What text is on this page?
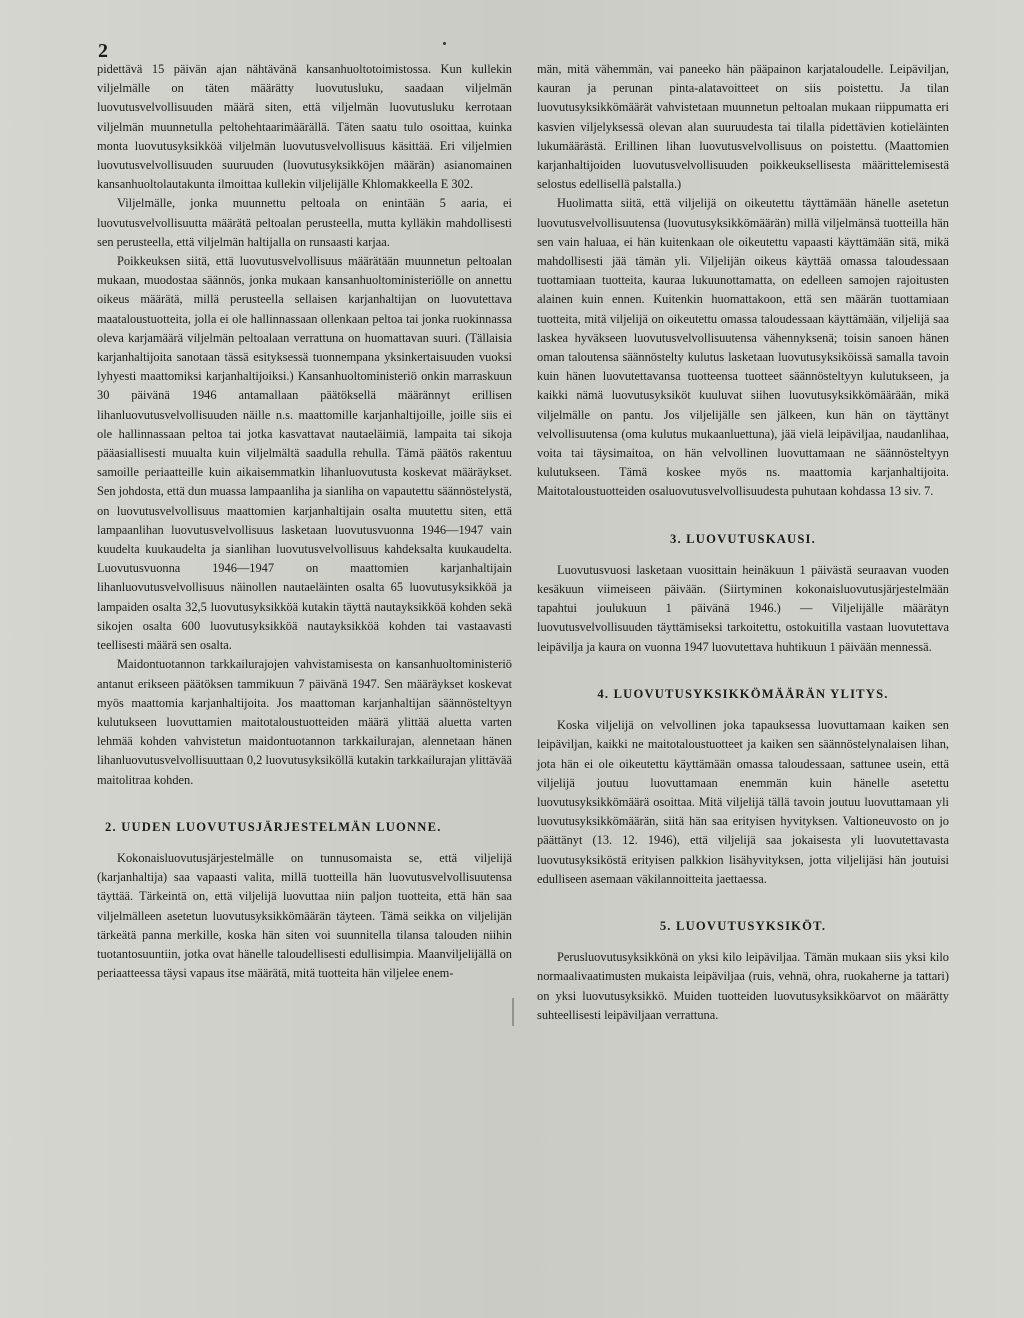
2

pidettävä 15 päivän ajan nähtävänä kansanhuoltotoimistossa. Kun kullekin viljelmälle on täten määrätty luovutusluku, saadaan viljelmän luovutusvelvollisuuden määrä siten, että viljelmän luovutusluku kerrotaan viljelmän muunnetulla peltohehtaarimäärällä. Täten saatu tulo osoittaa, kuinka monta luovutusyksikköä viljelmän luovutusvelvollisuus käsittää. Eri viljelmien luovutusvelvollisuuden suuruuden (luovutusyksikköjen määrän) asianomainen kansanhuoltolautakunta ilmoittaa kullekin viljelijälle Khlomakkeella E 302.

Viljelmälle, jonka muunnettu peltoala on enintään 5 aaria, ei luovutusvelvollisuutta määrätä peltoalan perusteella, mutta kylläkin mahdollisesti sen perusteella, että viljelmän haltijalla on runsaasti karjaa.

Poikkeuksen siitä, että luovutusvelvollisuus määrätään muunnetun peltoalan mukaan, muodostaa säännös, jonka mukaan kansanhuoltoministeriölle on annettu oikeus määrätä, millä perusteella sellaisen karjanhaltijan on luovutettava maataloustuotteita, jolla ei ole hallinnassaan ollenkaan peltoa tai jonka ruokinnassa oleva karjamäärä viljelmän peltoalaan verrattuna on huomattavan suuri. (Tällaisia karjanhaltijoita sanotaan tässä esityksessä tuonnempana yksinkertaisuuden vuoksi lyhyesti maattomiksi karjanhaltijoiksi.) Kansanhuoltoministeriö onkin marraskuun 30 päivänä 1946 antamallaan päätöksellä määrännyt erillisen lihanluovutusvelvollisuuden näille n.s. maattomille karjanhaltijoille, joille siis ei ole hallinnassaan peltoa tai jotka kasvattavat nautaeläimiä, lampaita tai sikoja pääasiallisesti muualta kuin viljelmältä saadulla rehulla. Tämä päätös rakentuu samoille periaatteille kuin aikaisemmatkin lihanluovutusta koskevat määräykset. Sen johdosta, että dun muassa lampaanliha ja sianliha on vapautettu säännöstelystä, on luovutusvelvollisuus maattomien karjanhaltijain osalta muutettu siten, että lampaanlihan luovutusvelvollisuus lasketaan luovutusvuonna 1946—1947 vain kuudelta kuukaudelta ja sianlihan luovutusvelvollisuus kahdeksalta kuukaudelta. Luovutusvuonna 1946—1947 on maattomien karjanhaltijain lihanluovutusvelvollisuus näinollen nautaeläinten osalta 65 luovutusyksikköä ja lampaiden osalta 32,5 luovutusyksikköä kutakin täyttä nautayksikköä kohden sekä sikojen osalta 600 luovutusyksikköä nautayksikköä kohden tai vastaavasti teellisesti määrä sen osalta.

Maidontuotannon tarkkailurajojen vahvistamisesta on kansanhuoltoministeriö antanut erikseen päätöksen tammikuun 7 päivänä 1947. Sen määräykset koskevat myös maattomia karjanhaltijoita. Jos maattoman karjanhaltijan säännösteltyyn kulutukseen luovuttamien maitotaloustuotteiden määrä ylittää aluetta varten lehmää kohden vahvistetun maidontuotannon tarkkailurajan, alennetaan hänen lihanluovutusvelvollisuuttaan 0,2 luovutusyksiköllä kutakin tarkkailurajan ylittävää maitolitraa kohden.

2. UUDEN LUOVUTUSJÄRJESTELMÄN LUONNE.

Kokonaisluovutusjärjestelmälle on tunnusomaista se, että viljelijä (karjanhaltija) saa vapaasti valita, millä tuotteilla hän luovutusvelvollisuutensa täyttää. Tärkeintä on, että viljelijä luovuttaa niin paljon tuotteita, että hän saa viljelmälleen asetetun luovutusyksikkömäärän täyteen. Tämä seikka on viljelijän tärkeätä panna merkille, koska hän siten voi suunnitella tilansa talouden niihin tuotantosuuntiin, jotka ovat hänelle taloudellisesti edullisimpia. Maanviljelijällä on periaatteessa täysi vapaus itse määrätä, mitä tuotteita hän viljelee enem-

män, mitä vähemmän, vai paneeko hän pääpainon karjataloudelle. Leipäviljan, kauran ja perunan pinta-alatavoitteet on siis poistettu. Ja tilan luovutusyksikkömäärät vahvistetaan muunnetun peltoalan mukaan riippumatta eri kasvien viljelyksessä olevan alan suuruudesta tai tilalla pidettävien kotieläinten lukumäärästä. Erillinen lihan luovutusvelvollisuus on poistettu. (Maattomien karjanhaltijoiden luovutusvelvollisuuden poikkeuksellisesta määrittelemisestä selostus edellisellä palstalla.)

Huolimatta siitä, että viljelijä on oikeutettu täyttämään hänelle asetetun luovutusvelvollisuutensa (luovutusyksikkömäärän) millä viljelmänsä tuotteilla hän sen vain haluaa, ei hän kuitenkaan ole oikeutettu vapaasti käyttämään sitä, mikä mahdollisesti jää tämän yli. Viljelijän oikeus käyttää omassa taloudessaan tuottamiaan tuotteita, kauraa lukuunottamatta, on edelleen samojen rajoitusten alainen kuin ennen. Kuitenkin huomattakoon, että sen määrän tuottamiaan tuotteita, mitä viljelijä on oikeutettu omassa taloudessaan käyttämään, viljelijä saa laskea hyväkseen luovutusvelvollisuutensa vähennyksenä; toisin sanoen hänen oman taloutensa säännöstelty kulutus lasketaan luovutusyksiköissä samalla tavoin kuin hänen luovutettavansa tuotteensa tuotteet säännösteltyyn kulutukseen, ja kaikki nämä luovutusyksiköt kuuluvat siihen luovutusyksikkömäärään, mikä viljelmälle on pantu. Jos viljelijälle sen jälkeen, kun hän on täyttänyt velvollisuutensa (oma kulutus mukaanluettuna), jää vielä leipäviljaa, naudanlihaa, voita tai täysimaitoa, on hän velvollinen luovuttamaan ne säännösteltyyn kulutukseen. Tämä koskee myös ns. maattomia karjanhaltijoita. Maitotaloustuotteiden osaluovutusvelvollisuudesta puhutaan kohdassa 13 siv. 7.

3. LUOVUTUSKAUSI.

Luovutusvuosi lasketaan vuosittain heinäkuun 1 päivästä seuraavan vuoden kesäkuun viimeiseen päivään. (Siirtyminen kokonaisluovutusjärjestelmään tapahtui joulukuun 1 päivänä 1946.) — Viljelijälle määrätyn luovutusvelvollisuuden täyttämiseksi tarkoitettu, ostokuitilla vastaan luovutettava leipävilja ja kaura on vuonna 1947 luovutettava huhtikuun 1 päivään mennessä.

4. LUOVUTUSYKSIKKÖMÄÄRÄN YLITYS.

Koska viljelijä on velvollinen joka tapauksessa luovuttamaan kaiken sen leipäviljan, kaikki ne maitotaloustuotteet ja kaiken sen säännöstelynalaisen lihan, jota hän ei ole oikeutettu käyttämään omassa taloudessaan, sattunee usein, että viljelijä joutuu luovuttamaan enemmän kuin hänelle asetettu luovutusyksikkömäärä osoittaa. Mitä viljelijä tällä tavoin joutuu luovuttamaan yli luovutusyksikkömäärän, siitä hän saa erityisen hyvityksen. Valtioneuvosto on jo päättänyt (13. 12. 1946), että viljelijä saa jokaisesta yli luovutettavasta luovutusyksiköstä erityisen palkkion lisähyvityksen, jotta viljelijäsi hän joutuisi edulliseen asemaan väkilannoitteita jaettaessa.

5. LUOVUTUSYKSIKÖT.

Perusluovutusyksikkönä on yksi kilo leipäviljaa. Tämän mukaan siis yksi kilo normaalivaatimusten mukaista leipäviljaa (ruis, vehnä, ohra, ruokaherne ja tattari) on yksi luovutusyksikkö. Muiden tuotteiden luovutusyksikköarvot on määrätty suhteellisesti leipäviljaan verrattuna.
